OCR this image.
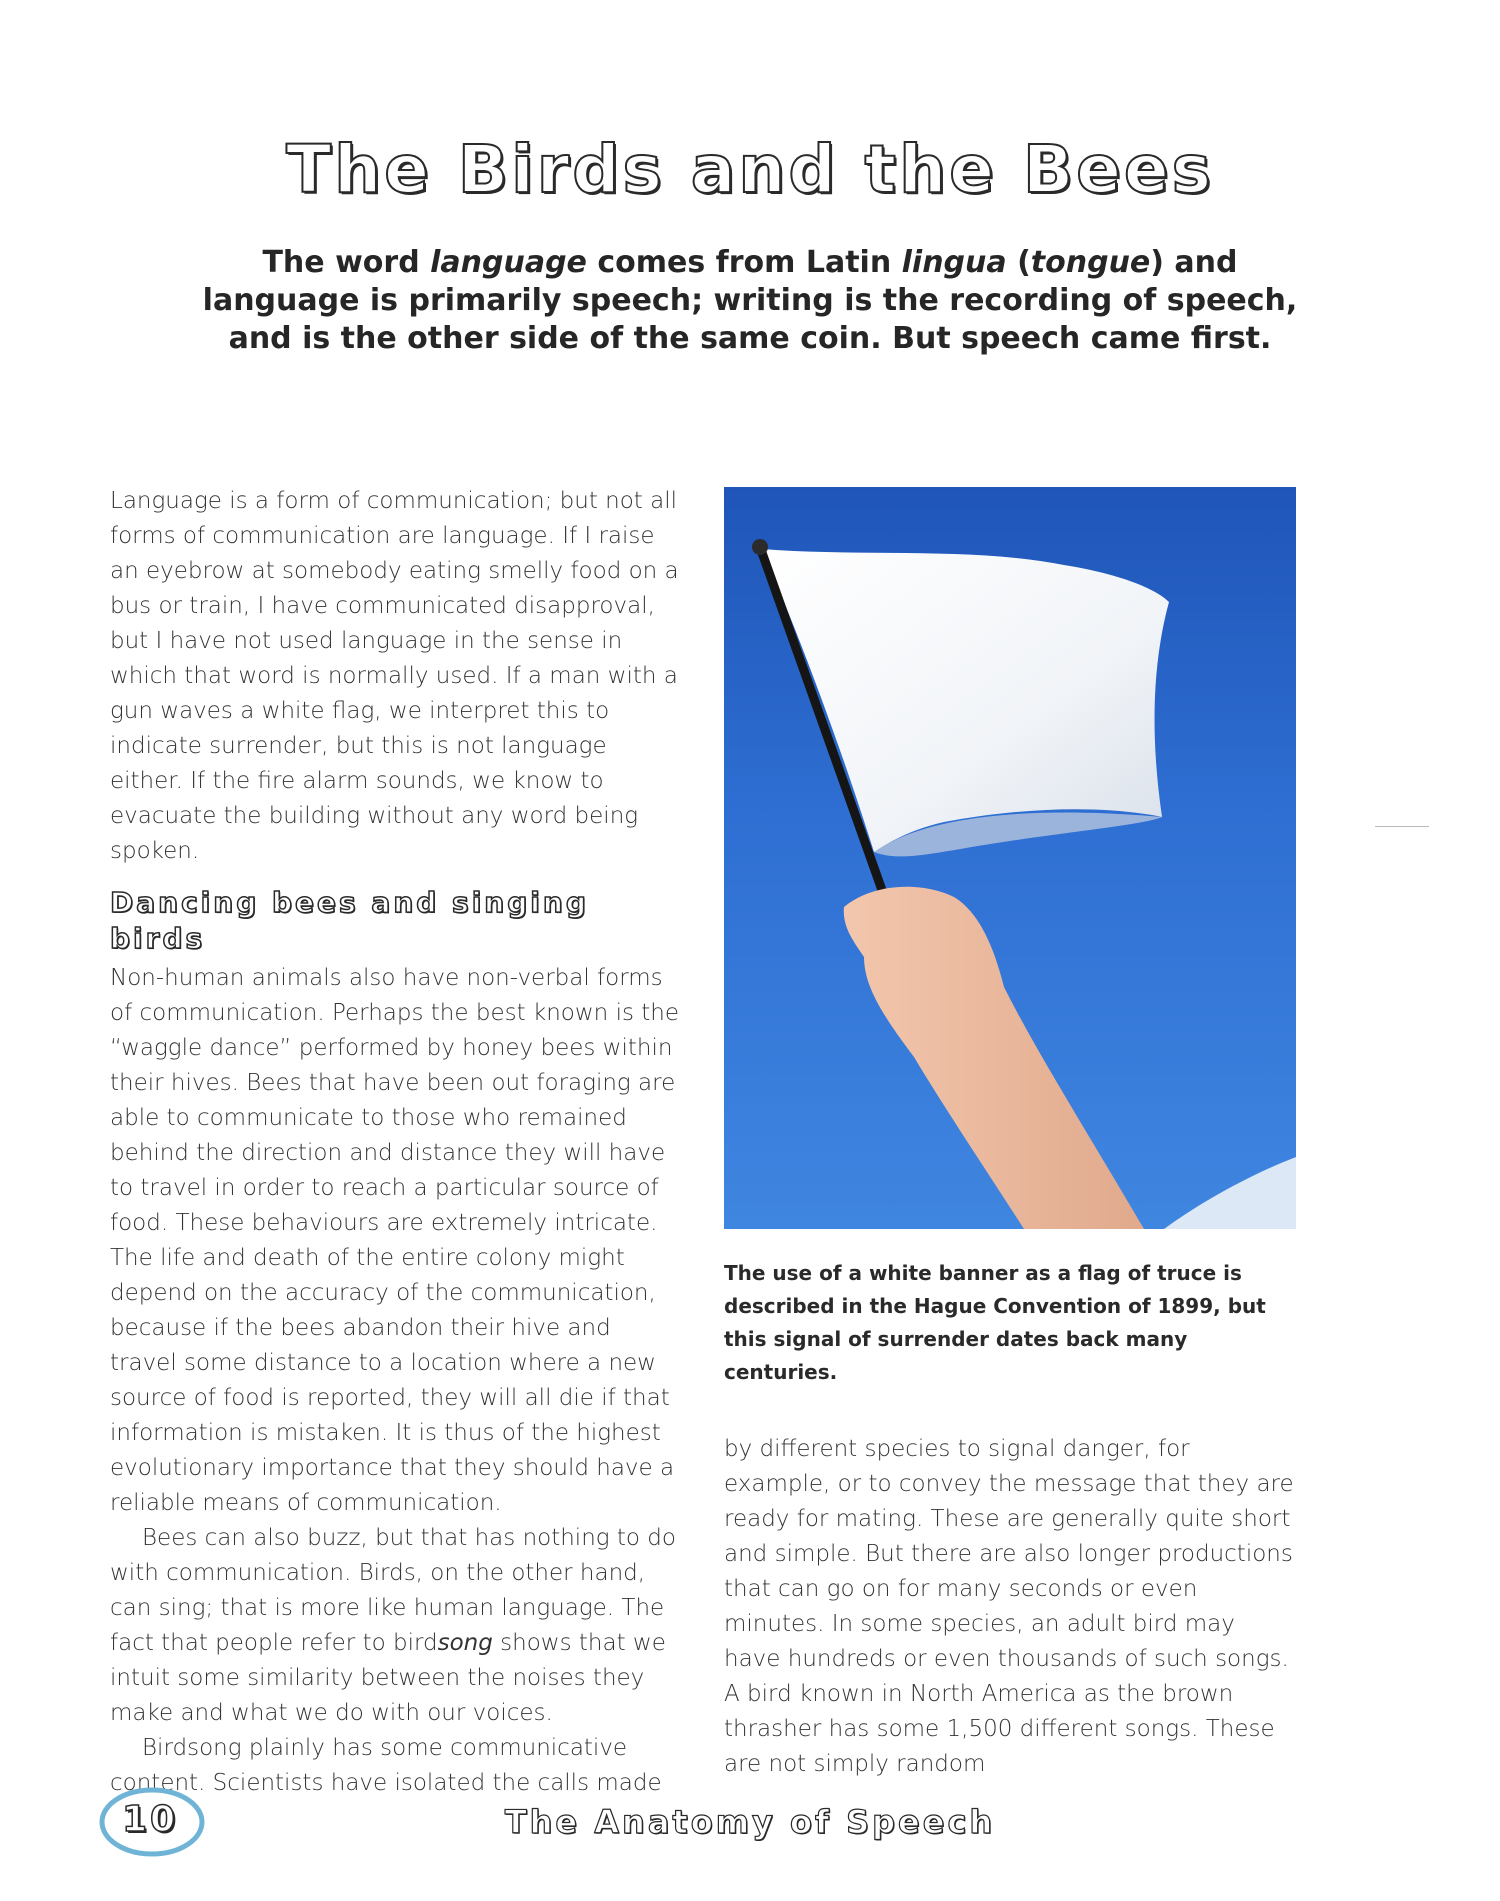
The Birds and the Bees
The word language comes from Latin lingua (tongue) and language is primarily speech; writing is the recording of speech, and is the other side of the same coin. But speech came first.

Language is a form of communication; but not all forms of communication are language. If I raise an eyebrow at somebody eating smelly food on a bus or train, I have communicated disapproval, but I have not used language in the sense in which that word is normally used. If a man with a gun waves a white flag, we interpret this to indicate surrender, but this is not language either. If the fire alarm sounds, we know to evacuate the building without any word being spoken.

Dancing bees and singing birds

Non-human animals also have non-verbal forms of communication. Perhaps the best known is the “waggle dance” performed by honey bees within their hives. Bees that have been out foraging are able to communicate to those who remained behind the direction and distance they will have to travel in order to reach a particular source of food. These behaviours are extremely intricate. The life and death of the entire colony might depend on the accuracy of the communication, because if the bees abandon their hive and travel some distance to a location where a new source of food is reported, they will all die if that information is mistaken. It is thus of the highest evolutionary importance that they should have a reliable means of communication.

Bees can also buzz, but that has nothing to do with communication. Birds, on the other hand, can sing; that is more like human language. The fact that people refer to birdsong shows that we intuit some similarity between the noises they make and what we do with our voices.

Birdsong plainly has some communicative content. Scientists have isolated the calls made

The use of a white banner as a flag of truce is described in the Hague Convention of 1899, but this signal of surrender dates back many centuries.

by different species to signal danger, for example, or to convey the message that they are ready for mating. These are generally quite short and simple. But there are also longer productions that can go on for many seconds or even minutes. In some species, an adult bird may have hundreds or even thousands of such songs. A bird known in North America as the brown thrasher has some 1,500 different songs. These are not simply random

10	The Anatomy of Speech
